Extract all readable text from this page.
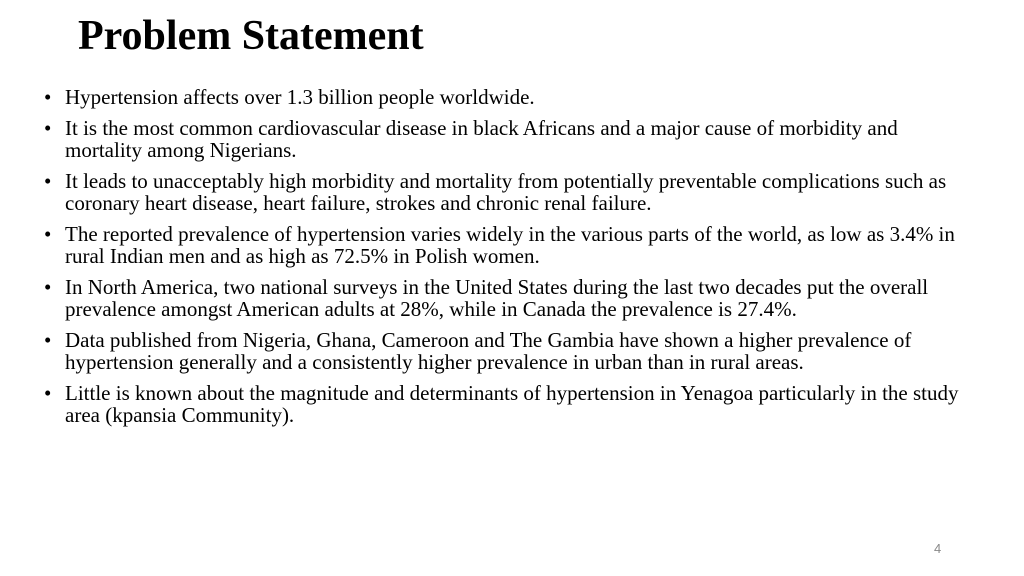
Problem Statement
• Hypertension affects over 1.3 billion people worldwide.
• It is the most common cardiovascular disease in black Africans and a major cause of morbidity and mortality among Nigerians.
• It leads to unacceptably high morbidity and mortality from potentially preventable complications such as coronary heart disease, heart failure, strokes and chronic renal failure.
• The reported prevalence of hypertension varies widely in the various parts of the world, as low as 3.4% in rural Indian men and as high as 72.5% in Polish women.
• In North America, two national surveys in the United States during the last two decades put the overall prevalence amongst American adults at 28%, while in Canada the prevalence is 27.4%.
• Data published from Nigeria, Ghana, Cameroon and The Gambia have shown a higher prevalence of hypertension generally and a consistently higher prevalence in urban than in rural areas.
• Little is known about the magnitude and determinants of hypertension in Yenagoa particularly in the study area (kpansia Community).
4
